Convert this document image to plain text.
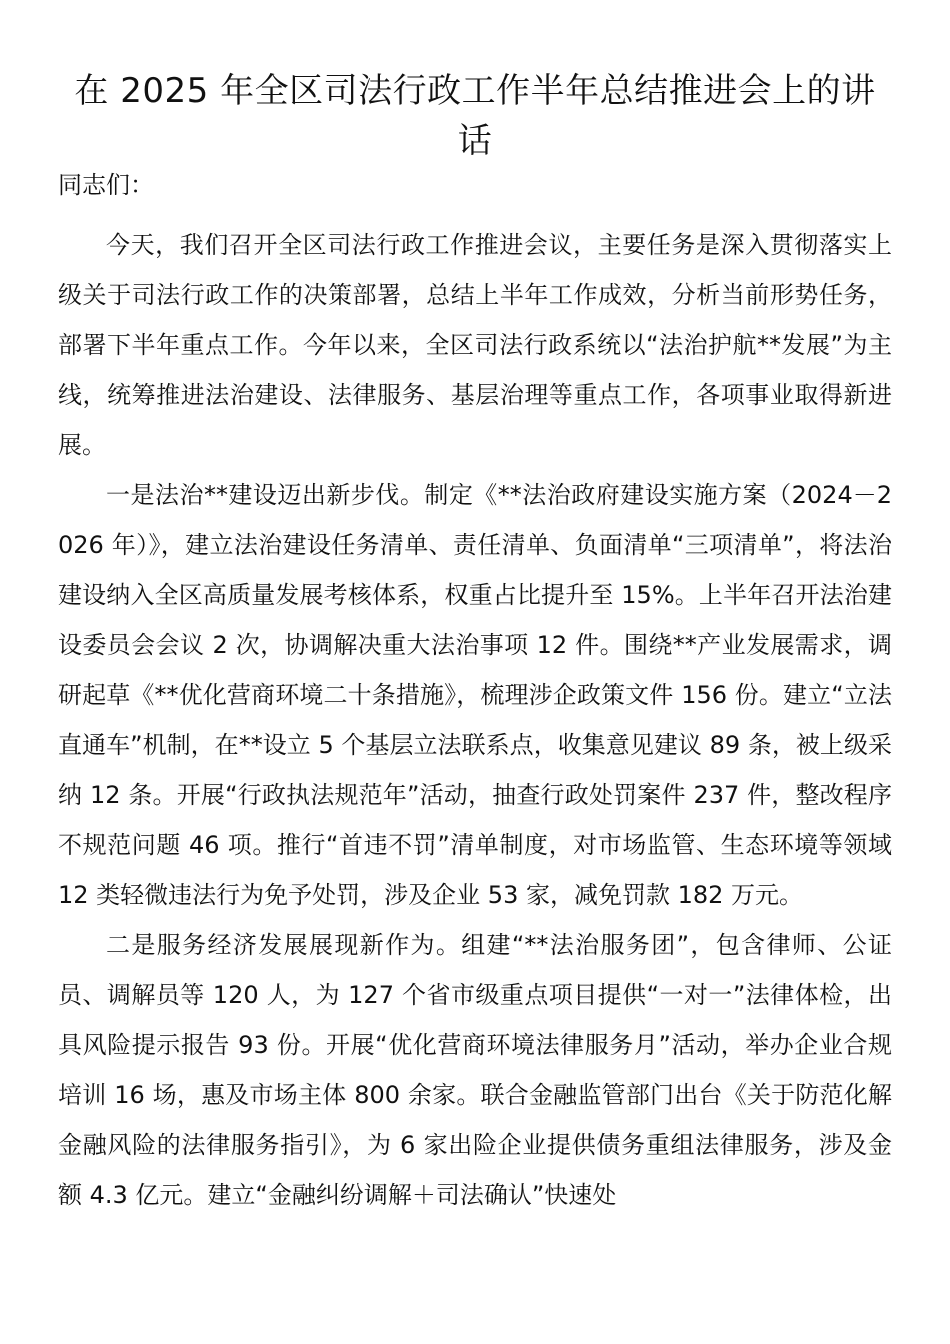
在 2025 年全区司法行政工作半年总结推进会上的讲话

同志们：

今天，我们召开全区司法行政工作推进会议，主要任务是深入贯彻落实上级关于司法行政工作的决策部署，总结上半年工作成效，分析当前形势任务，部署下半年重点工作。今年以来，全区司法行政系统以“法治护航**发展”为主线，统筹推进法治建设、法律服务、基层治理等重点工作，各项事业取得新进展。

一是法治**建设迈出新步伐。制定《**法治政府建设实施方案（2024－2026 年）》，建立法治建设任务清单、责任清单、负面清单“三项清单”，将法治建设纳入全区高质量发展考核体系，权重占比提升至 15%。上半年召开法治建设委员会会议 2 次，协调解决重大法治事项 12 件。围绕**产业发展需求，调研起草《**优化营商环境二十条措施》，梳理涉企政策文件 156 份。建立“立法直通车”机制，在**设立 5 个基层立法联系点，收集意见建议 89 条，被上级采纳 12 条。开展“行政执法规范年”活动，抽查行政处罚案件 237 件，整改程序不规范问题 46 项。推行“首违不罚”清单制度，对市场监管、生态环境等领域 12 类轻微违法行为免予处罚，涉及企业 53 家，减免罚款 182 万元。

二是服务经济发展展现新作为。组建“**法治服务团”，包含律师、公证员、调解员等 120 人，为 127 个省市级重点项目提供“一对一”法律体检，出具风险提示报告 93 份。开展“优化营商环境法律服务月”活动，举办企业合规培训 16 场，惠及市场主体 800 余家。联合金融监管部门出台《关于防范化解金融风险的法律服务指引》，为 6 家出险企业提供债务重组法律服务，涉及金额 4.3 亿元。建立“金融纠纷调解＋司法确认”快速处
